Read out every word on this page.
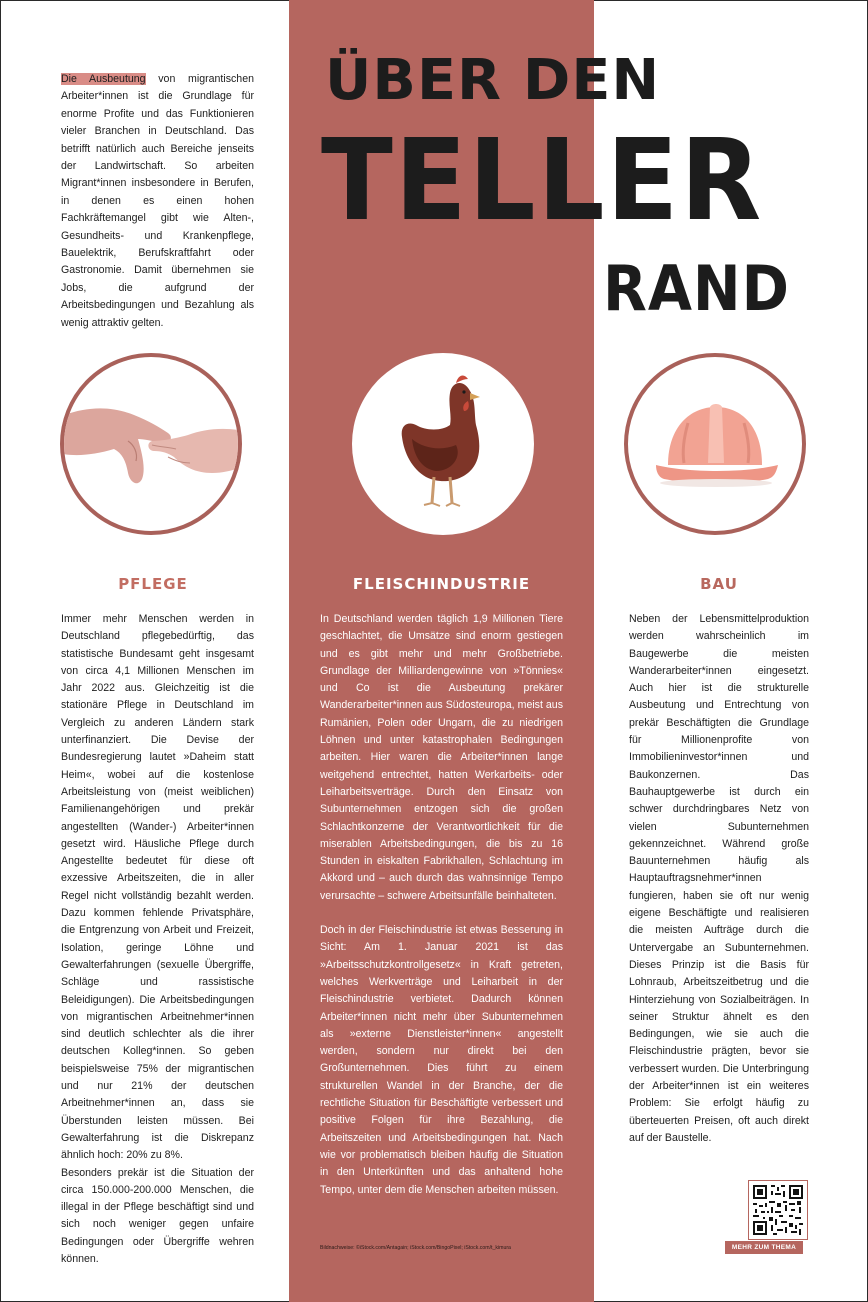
ÜBER DEN
TELLER
RAND
Die Ausbeutung von migrantischen Arbeiter*innen ist die Grundlage für enorme Profite und das Funktionieren vieler Branchen in Deutschland. Das betrifft natürlich auch Bereiche jenseits der Landwirtschaft. So arbeiten Migrant*innen insbesondere in Berufen, in denen es einen hohen Fachkräftemangel gibt wie Alten-, Gesundheits- und Krankenpflege, Bauelektrik, Berufskraftfahrt oder Gastronomie. Damit übernehmen sie Jobs, die aufgrund der Arbeitsbedingungen und Bezahlung als wenig attraktiv gelten.
PFLEGE	FLEISCHINDUSTRIE	BAU

Immer mehr Menschen werden in Deutschland pflegebedürftig, das statistische Bundesamt geht insgesamt von circa 4,1 Millionen Menschen im Jahr 2022 aus. Gleichzeitig ist die stationäre Pflege in Deutschland im Vergleich zu anderen Ländern stark unterfinanziert. Die Devise der Bundesregierung lautet »Daheim statt Heim«, wobei auf die kostenlose Arbeitsleistung von (meist weiblichen) Familienangehörigen und prekär angestellten (Wander-) Arbeiter*innen gesetzt wird. Häusliche Pflege durch Angestellte bedeutet für diese oft exzessive Arbeitszeiten, die in aller Regel nicht vollständig bezahlt werden. Dazu kommen fehlende Privatsphäre, die Entgrenzung von Arbeit und Freizeit, Isolation, geringe Löhne und Gewalterfahrungen (sexuelle Übergriffe, Schläge und rassistische Beleidigungen). Die Arbeitsbedingungen von migrantischen Arbeitnehmer*innen sind deutlich schlechter als die ihrer deutschen Kolleg*innen. So geben beispielsweise 75% der migrantischen und nur 21% der deutschen Arbeitnehmer*innen an, dass sie Überstunden leisten müssen. Bei Gewalterfahrung ist die Diskrepanz ähnlich hoch: 20% zu 8%.

Besonders prekär ist die Situation der circa 150.000-200.000 Menschen, die illegal in der Pflege beschäftigt sind und sich noch weniger gegen unfaire Bedingungen oder Übergriffe wehren können.

In Deutschland werden täglich 1,9 Millionen Tiere geschlachtet, die Umsätze sind enorm gestiegen und es gibt mehr und mehr Großbetriebe. Grundlage der Milliardengewinne von »Tönnies« und Co ist die Ausbeutung prekärer Wanderarbeiter*innen aus Südosteuropa, meist aus Rumänien, Polen oder Ungarn, die zu niedrigen Löhnen und unter katastrophalen Bedingungen arbeiten. Hier waren die Arbeiter*innen lange weitgehend entrechtet, hatten Werkarbeits- oder Leiharbeitsverträge. Durch den Einsatz von Subunternehmen entzogen sich die großen Schlachtkonzerne der Verantwortlichkeit für die miserablen Arbeitsbedingungen, die bis zu 16 Stunden in eiskalten Fabrikhallen, Schlachtung im Akkord und – auch durch das wahnsinnige Tempo verursachte – schwere Arbeitsunfälle beinhalteten.

Doch in der Fleischindustrie ist etwas Besserung in Sicht: Am 1. Januar 2021 ist das »Arbeitsschutzkontrollgesetz« in Kraft getreten, welches Werkverträge und Leiharbeit in der Fleischindustrie verbietet. Dadurch können Arbeiter*innen nicht mehr über Subunternehmen als »externe Dienstleister*innen« angestellt werden, sondern nur direkt bei den Großunternehmen. Dies führt zu einem strukturellen Wandel in der Branche, der die rechtliche Situation für Beschäftigte verbessert und positive Folgen für ihre Bezahlung, die Arbeitszeiten und Arbeitsbedingungen hat. Nach wie vor problematisch bleiben häufig die Situation in den Unterkünften und das anhaltend hohe Tempo, unter dem die Menschen arbeiten müssen.

Neben der Lebensmittelproduktion werden wahrscheinlich im Baugewerbe die meisten Wanderarbeiter*innen eingesetzt. Auch hier ist die strukturelle Ausbeutung und Entrechtung von prekär Beschäftigten die Grundlage für Millionenprofite von Immobilieninvestor*innen und Baukonzernen. Das Bauhauptgewerbe ist durch ein schwer durchdringbares Netz von vielen Subunternehmen gekennzeichnet. Während große Bauunternehmen häufig als Hauptauftragsnehmer*innen fungieren, haben sie oft nur wenig eigene Beschäftigte und realisieren die meisten Aufträge durch die Untervergabe an Subunternehmen. Dieses Prinzip ist die Basis für Lohnraub, Arbeitszeitbetrug und die Hinterziehung von Sozialbeiträgen. In seiner Struktur ähnelt es den Bedingungen, wie sie auch die Fleischindustrie prägten, bevor sie verbessert wurden. Die Unterbringung der Arbeiter*innen ist ein weiteres Problem: Sie erfolgt häufig zu überteuerten Preisen, oft auch direkt auf der Baustelle.

Bildnachweise: ©iStock.com/Antagain; iStock.com/BingoPixel; iStock.com/t_kimura	MEHR ZUM THEMA
